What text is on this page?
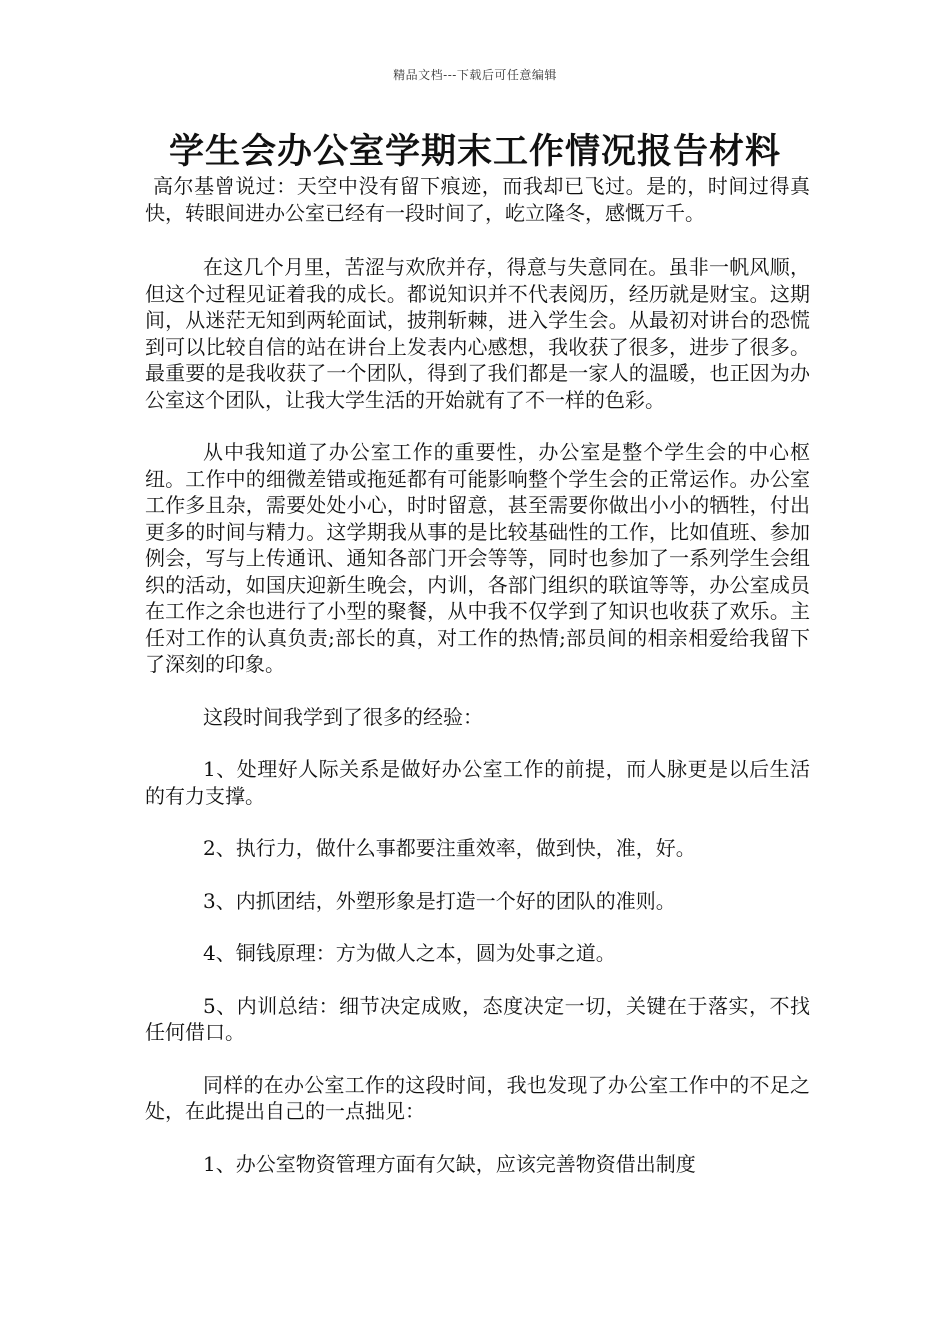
精品文档---下载后可任意编辑
学生会办公室学期末工作情况报告材料

高尔基曾说过：天空中没有留下痕迹，而我却已飞过。是的，时间过得真快，转眼间进办公室已经有一段时间了，屹立隆冬，感慨万千。

在这几个月里，苦涩与欢欣并存，得意与失意同在。虽非一帆风顺，但这个过程见证着我的成长。都说知识并不代表阅历，经历就是财宝。这期间，从迷茫无知到两轮面试，披荆斩棘，进入学生会。从最初对讲台的恐慌到可以比较自信的站在讲台上发表内心感想，我收获了很多，进步了很多。最重要的是我收获了一个团队，得到了我们都是一家人的温暖，也正因为办公室这个团队，让我大学生活的开始就有了不一样的色彩。

从中我知道了办公室工作的重要性，办公室是整个学生会的中心枢纽。工作中的细微差错或拖延都有可能影响整个学生会的正常运作。办公室工作多且杂，需要处处小心，时时留意，甚至需要你做出小小的牺牲，付出更多的时间与精力。这学期我从事的是比较基础性的工作，比如值班、参加例会，写与上传通讯、通知各部门开会等等，同时也参加了一系列学生会组织的活动，如国庆迎新生晚会，内训，各部门组织的联谊等等，办公室成员在工作之余也进行了小型的聚餐，从中我不仅学到了知识也收获了欢乐。主任对工作的认真负责;部长的真，对工作的热情;部员间的相亲相爱给我留下了深刻的印象。

这段时间我学到了很多的经验：

1、处理好人际关系是做好办公室工作的前提，而人脉更是以后生活的有力支撑。

2、执行力，做什么事都要注重效率，做到快，准，好。

3、内抓团结，外塑形象是打造一个好的团队的准则。

4、铜钱原理：方为做人之本，圆为处事之道。

5、内训总结：细节决定成败，态度决定一切，关键在于落实，不找任何借口。

同样的在办公室工作的这段时间，我也发现了办公室工作中的不足之处，在此提出自己的一点拙见：

1、办公室物资管理方面有欠缺，应该完善物资借出制度
